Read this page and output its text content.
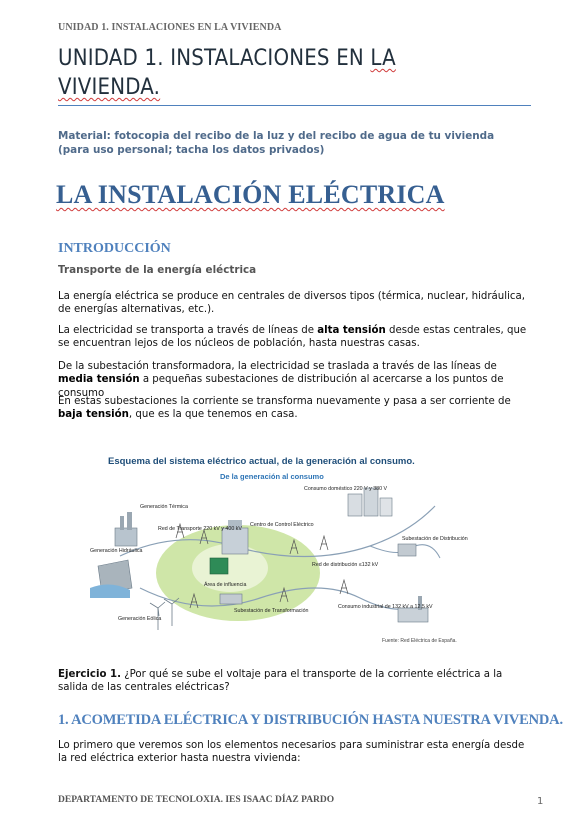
UNIDAD 1. INSTALACIONES EN LA VIVIENDA
UNIDAD 1. INSTALACIONES EN LA
VIVIENDA.
Material: fotocopia del recibo de la luz y del recibo de agua de tu vivienda (para uso personal; tacha los datos privados)
LA INSTALACIÓN ELÉCTRICA
INTRODUCCIÓN
Transporte de la energía eléctrica
La energía eléctrica se produce en centrales de diversos tipos (térmica, nuclear, hidráulica, de energías alternativas, etc.).
La electricidad se transporta a través de líneas de alta tensión desde estas centrales, que se encuentran lejos de los núcleos de población, hasta nuestras casas.
De la subestación transformadora, la electricidad se traslada a través de las líneas de media tensión a pequeñas subestaciones de distribución al acercarse a los puntos de consumo
En estas subestaciones la corriente se transforma nuevamente y pasa a ser corriente de baja tensión, que es la que tenemos en casa.
Esquema del sistema eléctrico actual, de la generación al consumo.
De la generación al consumo
Generación Térmica
Generación Hidráulica
Generación Eólica
Red de Transporte 220 kV y 400 kV
Centro de Control Eléctrico
Área de influencia
Subestación de Transformación
Red de distribución ≤132 kV
Consumo doméstico 220 V y 380 V
Subestación de Distribución
Consumo industrial de 132 kV a 12,5 kV
Fuente: Red Eléctrica de España.
Ejercicio 1. ¿Por qué se sube el voltaje para el transporte de la corriente eléctrica a la salida de las centrales eléctricas?
1. ACOMETIDA ELÉCTRICA Y DISTRIBUCIÓN HASTA NUESTRA VIVENDA.
Lo primero que veremos son los elementos necesarios para suministrar esta energía desde la red eléctrica exterior hasta nuestra vivienda:
DEPARTAMENTO DE TECNOLOXIA. IES ISAAC DÍAZ PARDO	1
